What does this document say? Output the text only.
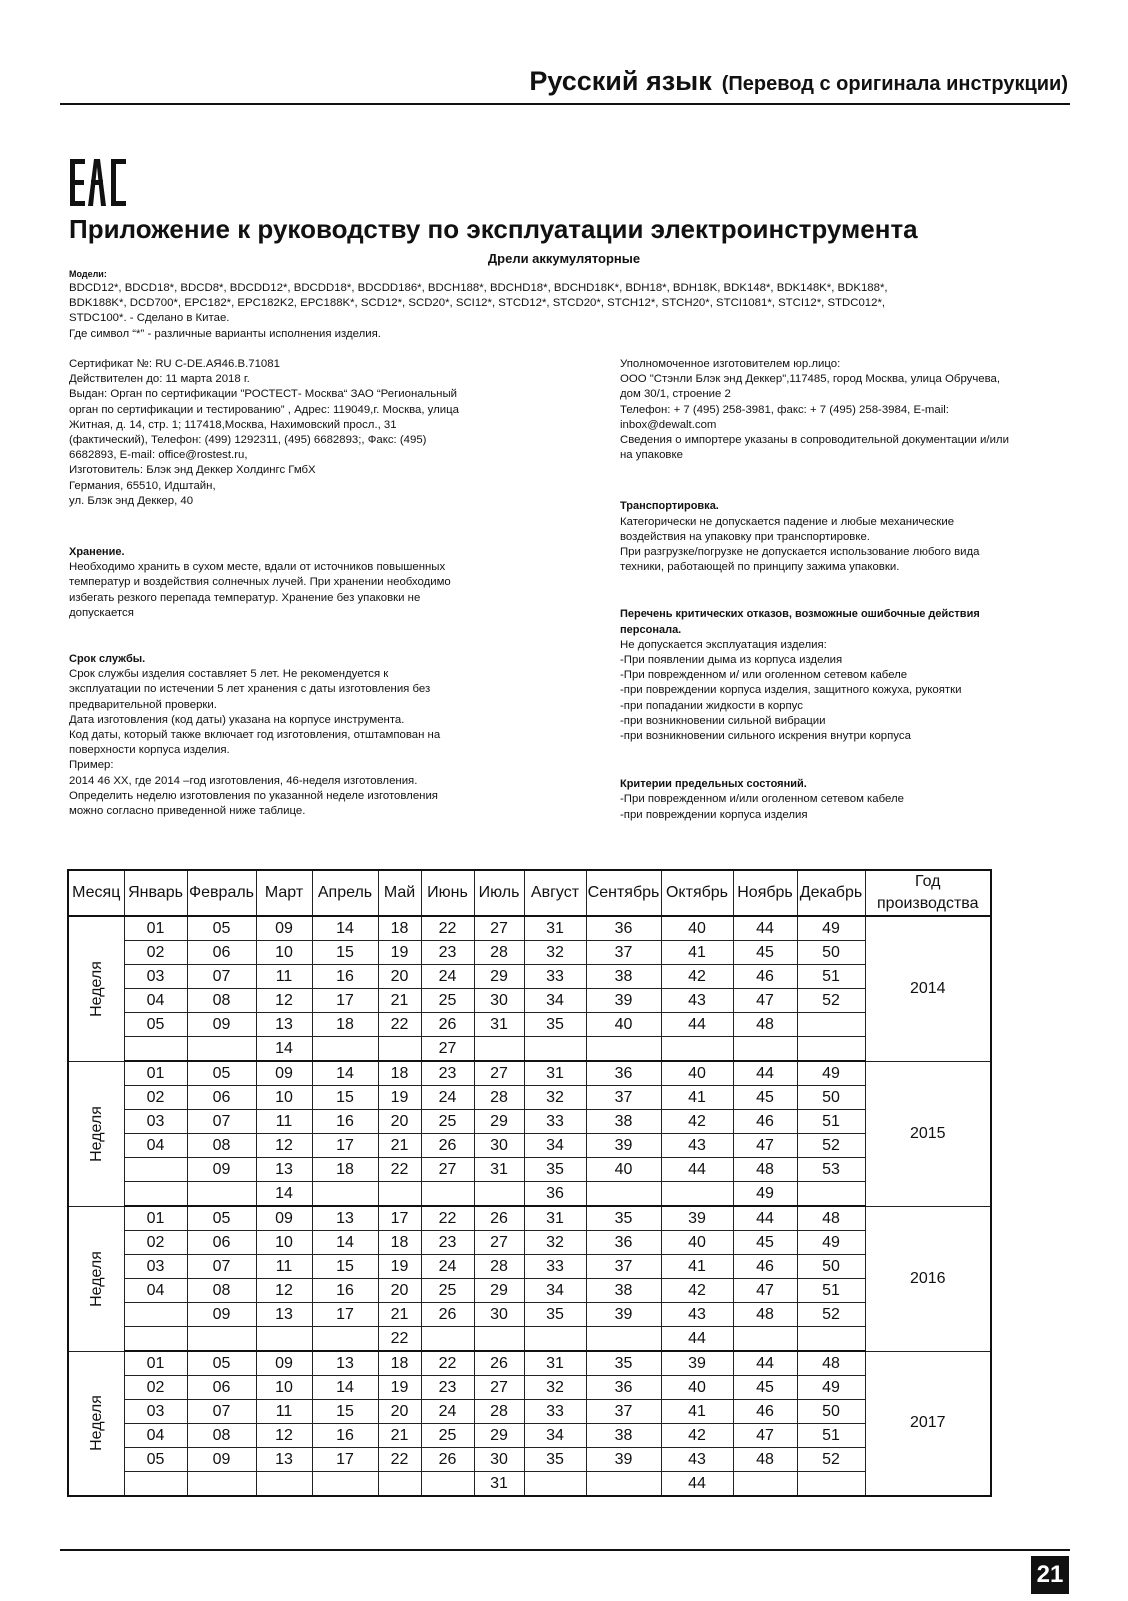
Русский язык (Перевод с оригинала инструкции)
Приложение к руководству по эксплуатации электроинструмента
Дрели аккумуляторные
Модели:
BDCD12*, BDCD18*, BDCD8*, BDCDD12*, BDCDD18*, BDCDD186*, BDCH188*, BDCHD18*, BDCHD18K*, BDH18*, BDH18K, BDK148*, BDK148K*, BDK188*,
BDK188K*, DCD700*, EPC182*, EPC182K2, EPC188K*, SCD12*, SCD20*, SCI12*, STCD12*, STCD20*, STCH12*, STCH20*, STCI1081*, STCI12*, STDC012*,
STDC100*. - Сделано в Китае.
Где символ “*” - различные варианты исполнения изделия.
Сертификат №: RU C-DE.АЯ46.В.71081
Действителен до: 11 марта 2018 г.
Выдан: Орган по сертификации "РОСТЕСТ- Москва“ ЗАО “Региональный
орган по сертификации и тестированию” , Адрес: 119049,г. Москва, улица
Житная, д. 14, стр. 1; 117418,Москва, Нахимовский просл., 31
(фактический), Телефон: (499) 1292311, (495) 6682893;, Факс: (495)
6682893, E-mail: office@rostest.ru,
Изготовитель: Блэк энд Деккер Холдингс ГмбХ
Германия, 65510, Идштайн,
ул. Блэк энд Деккер, 40
Хранение.
Необходимо хранить в сухом месте, вдали от источников повышенных
температур и воздействия солнечных лучей. При хранении необходимо
избегать резкого перепада температур. Хранение без упаковки не
допускается
Срок службы.
Срок службы изделия составляет 5 лет. Не рекомендуется к
эксплуатации по истечении 5 лет хранения с даты изготовления без
предварительной проверки.
Дата изготовления (код даты) указана на корпусе инструмента.
Код даты, который также включает год изготовления, отштампован на
поверхности корпуса изделия.
Пример:
2014 46 XX, где 2014 –год изготовления, 46-неделя изготовления.
Определить неделю изготовления по указанной неделе изготовления
можно согласно приведенной ниже таблице.
Уполномоченное изготовителем юр.лицо:
ООО "Стэнли Блэк энд Деккер",117485, город Москва, улица Обручева,
дом 30/1, строение 2
Телефон: + 7 (495) 258-3981, факс: + 7 (495) 258-3984, E-mail:
inbox@dewalt.com
Сведения о импортере указаны в сопроводительной документации и/или
на упаковке
Транспортировка.
Категорически не допускается падение и любые механические
воздействия на упаковку при транспортировке.
При разгрузке/погрузке не допускается использование любого вида
техники, работающей по принципу зажима упаковки.
Перечень критических отказов, возможные ошибочные действия
персонала.
Не допускается эксплуатация изделия:
-При появлении дыма из корпуса изделия
-При поврежденном и/ или оголенном сетевом кабеле
-при повреждении корпуса изделия, защитного кожуха, рукоятки
-при попадании жидкости в корпус
-при возникновении сильной вибрации
-при возникновении сильного искрения внутри корпуса
Критерии предельных состояний.
-При поврежденном и/или оголенном сетевом кабеле
-при повреждении корпуса изделия
Месяц	Январь	Февраль	Март	Апрель	Май	Июнь	Июль	Август	Сентябрь	Октябрь	Ноябрь	Декабрь	Год производства
Неделя	01	05	09	14	18	22	27	31	36	40	44	49	2014
	02	06	10	15	19	23	28	32	37	41	45	50	
	03	07	11	16	20	24	29	33	38	42	46	51	
	04	08	12	17	21	25	30	34	39	43	47	52	
	05	09	13	18	22	26	31	35	40	44	48		
			14			27							
Неделя	01	05	09	14	18	23	27	31	36	40	44	49	2015
	02	06	10	15	19	24	28	32	37	41	45	50	
	03	07	11	16	20	25	29	33	38	42	46	51	
	04	08	12	17	21	26	30	34	39	43	47	52	
		09	13	18	22	27	31	35	40	44	48	53	
			14					36			49		
Неделя	01	05	09	13	17	22	26	31	35	39	44	48	2016
	02	06	10	14	18	23	27	32	36	40	45	49	
	03	07	11	15	19	24	28	33	37	41	46	50	
	04	08	12	16	20	25	29	34	38	42	47	51	
		09	13	17	21	26	30	35	39	43	48	52	
					22					44			
Неделя	01	05	09	13	18	22	26	31	35	39	44	48	2017
	02	06	10	14	19	23	27	32	36	40	45	49	
	03	07	11	15	20	24	28	33	37	41	46	50	
	04	08	12	16	21	25	29	34	38	42	47	51	
	05	09	13	17	22	26	30	35	39	43	48	52	
							31			44			
21
